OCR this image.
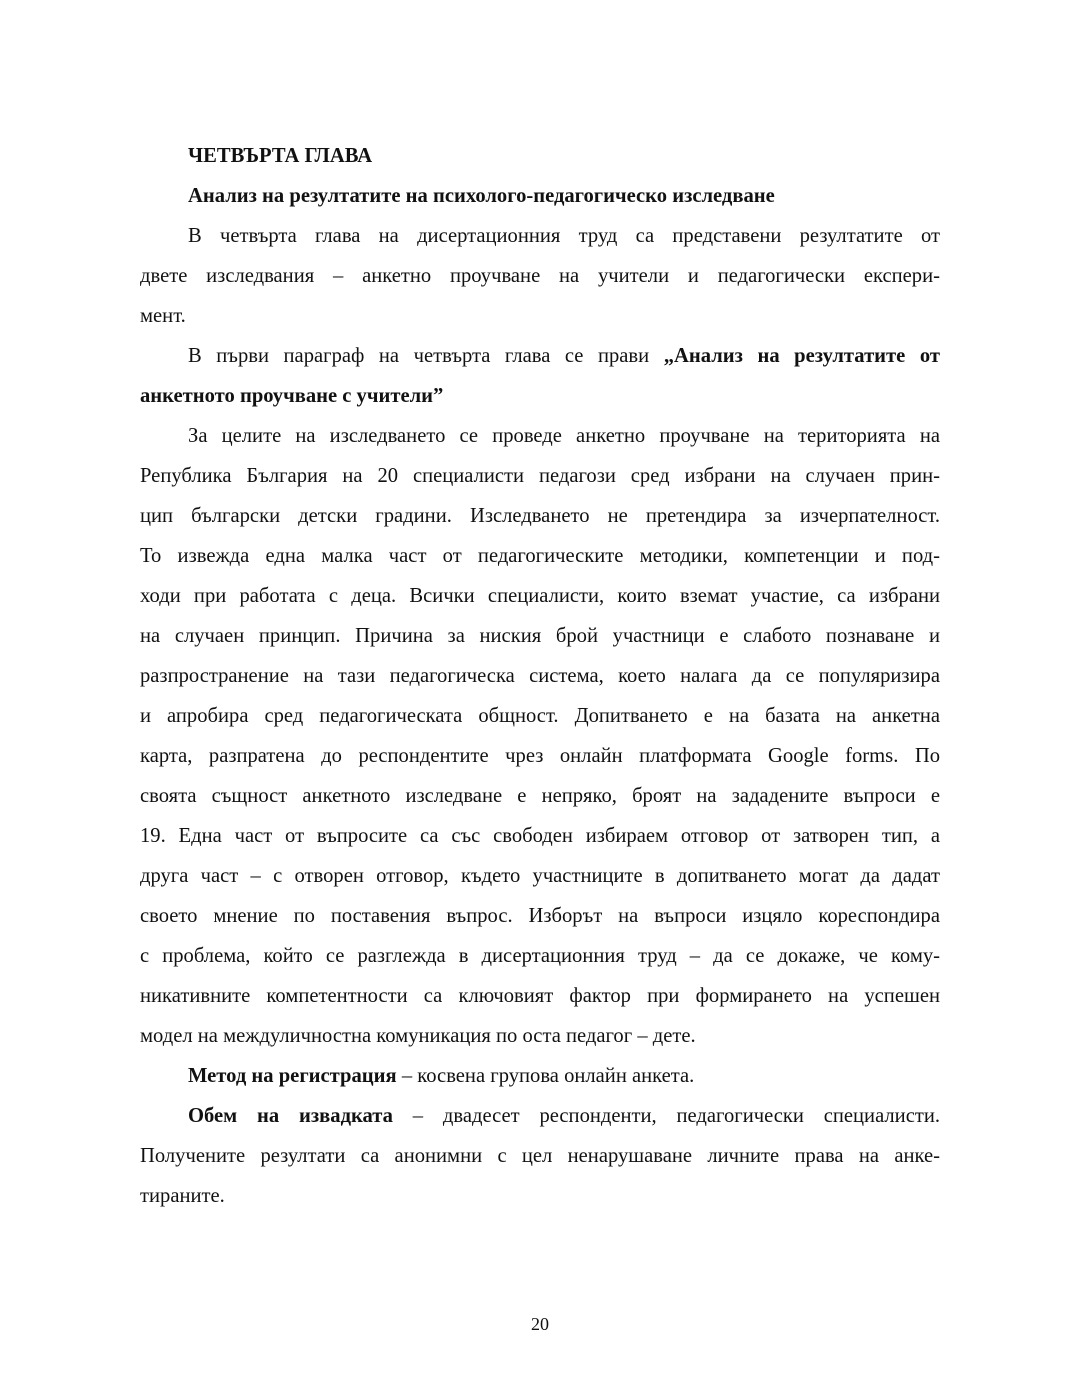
ЧЕТВЪРТА ГЛАВА
Анализ на резултатите на психолого-педагогическо изследване
В четвърта глава на дисертационния труд са представени резултатите от
двете изследвания – анкетно проучване на учители и педагогически експери-
мент.
В първи параграф на четвърта глава се прави „Анализ на резултатите от
анкетното проучване с учители”
За целите на изследването се проведе анкетно проучване на територията на
Република България на 20 специалисти педагози сред избрани на случаен прин-
цип български детски градини. Изследването не претендира за изчерпателност.
То извежда една малка част от педагогическите методики, компетенции и под-
ходи при работата с деца. Всички специалисти, които вземат участие, са избрани
на случаен принцип. Причина за ниския брой участници е слабото познаване и
разпространение на тази педагогическа система, което налага да се популяризира
и апробира сред педагогическата общност. Допитването е на базата на анкетна
карта, разпратена до респондентите чрез онлайн платформата Google forms. По
своята същност анкетното изследване е непряко, броят на зададените въпроси е
19. Една част от въпросите са със свободен избираем отговор от затворен тип, а
друга част – с отворен отговор, където участниците в допитването могат да дадат
своето мнение по поставения въпрос. Изборът на въпроси изцяло кореспондира
с проблема, който се разглежда в дисертационния труд – да се докаже, че кому-
никативните компетентности са ключовият фактор при формирането на успешен
модел на междуличностна комуникация по оста педагог – дете.
Метод на регистрация – косвена групова онлайн анкета.
Обем на извадката – двадесет респонденти, педагогически специалисти.
Получените резултати са анонимни с цел ненарушаване личните права на анке-
тираните.
20
